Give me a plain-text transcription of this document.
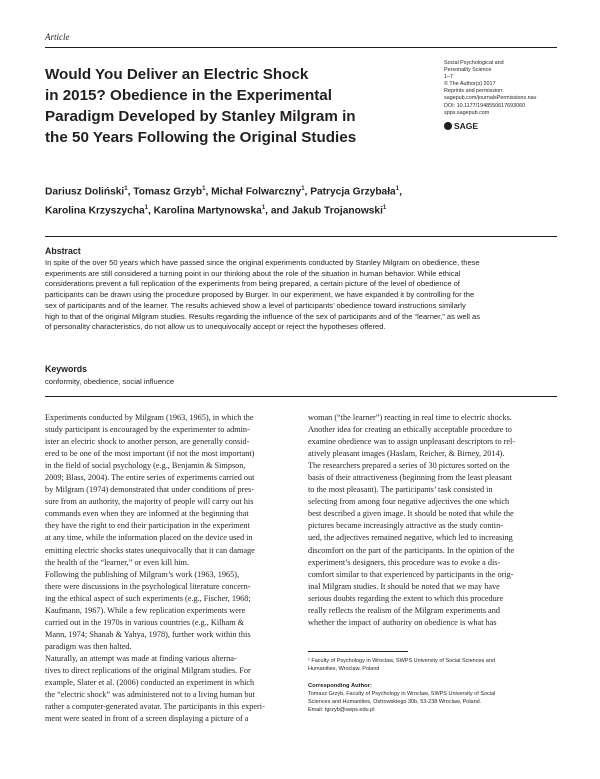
Article
Would You Deliver an Electric Shock
in 2015? Obedience in the Experimental
Paradigm Developed by Stanley Milgram in
the 50 Years Following the Original Studies
Social Psychological and
Personality Science
1–7
© The Author(s) 2017
Reprints and permission:
sagepub.com/journalsPermissions.nav
DOI: 10.1177/1948550617693060
spps.sagepub.com
SAGE
Dariusz Doliński$^1$, Tomasz Grzyb$^1$, Michał Folwarczny$^1$, Patrycja Grzybała$^1$,
Karolina Krzyszycha$^1$, Karolina Martynowska$^1$, and Jakub Trojanowski$^1$
Abstract
In spite of the over 50 years which have passed since the original experiments conducted by Stanley Milgram on obedience, these
experiments are still considered a turning point in our thinking about the role of the situation in human behavior. While ethical
considerations prevent a full replication of the experiments from being prepared, a certain picture of the level of obedience of
participants can be drawn using the procedure proposed by Burger. In our experiment, we have expanded it by controlling for the
sex of participants and of the learner. The results achieved show a level of participants’ obedience toward instructions similarly
high to that of the original Milgram studies. Results regarding the influence of the sex of participants and of the “learner,” as well as
of personality characteristics, do not allow us to unequivocally accept or reject the hypotheses offered.
Keywords
conformity, obedience, social influence
Experiments conducted by Milgram (1963, 1965), in which the
study participant is encouraged by the experimenter to admin-
ister an electric shock to another person, are generally consid-
ered to be one of the most important (if not the most important)
in the field of social psychology (e.g., Benjamin & Simpson,
2009; Blass, 2004). The entire series of experiments carried out
by Milgram (1974) demonstrated that under conditions of pres-
sure from an authority, the majority of people will carry out his
commands even when they are informed at the beginning that
they have the right to end their participation in the experiment
at any time, while the information placed on the device used in
emitting electric shocks states unequivocally that it can damage
the health of the “learner,” or even kill him.
Following the publishing of Milgram’s work (1963, 1965),
there were discussions in the psychological literature concern-
ing the ethical aspect of such experiments (e.g., Fischer, 1968;
Kaufmann, 1967). While a few replication experiments were
carried out in the 1970s in various countries (e.g., Kilham &
Mann, 1974; Shanab & Yahya, 1978), further work within this
paradigm was then halted.
Naturally, an attempt was made at finding various alterna-
tives to direct replications of the original Milgram studies. For
example, Slater et al. (2006) conducted an experiment in which
the “electric shock” was administered not to a living human but
rather a computer-generated avatar. The participants in this experi-
ment were seated in front of a screen displaying a picture of a
woman (“the learner”) reacting in real time to electric shocks.
Another idea for creating an ethically acceptable procedure to
examine obedience was to assign unpleasant descriptors to rel-
atively pleasant images (Haslam, Reicher, & Birney, 2014).
The researchers prepared a series of 30 pictures sorted on the
basis of their attractiveness (beginning from the least pleasant
to the most pleasant). The participants’ task consisted in
selecting from among four negative adjectives the one which
best described a given image. It should be noted that while the
pictures became increasingly attractive as the study contin-
ued, the adjectives remained negative, which led to increasing
discomfort on the part of the participants. In the opinion of the
experiment’s designers, this procedure was to evoke a dis-
comfort similar to that experienced by participants in the orig-
inal Milgram studies. It should be noted that we may have
serious doubts regarding the extent to which this procedure
really reflects the realism of the Milgram experiments and
whether the impact of authority on obedience is what has
¹ Faculty of Psychology in Wroclaw, SWPS University of Social Sciences and
Humanities, Wroclaw, Poland
Corresponding Author:
Tomasz Grzyb, Faculty of Psychology in Wroclaw, SWPS University of Social
Sciences and Humanities, Ostrowskiego 30b, 53-238 Wroclaw, Poland.
Email: tgrzyb@swps.edu.pl
